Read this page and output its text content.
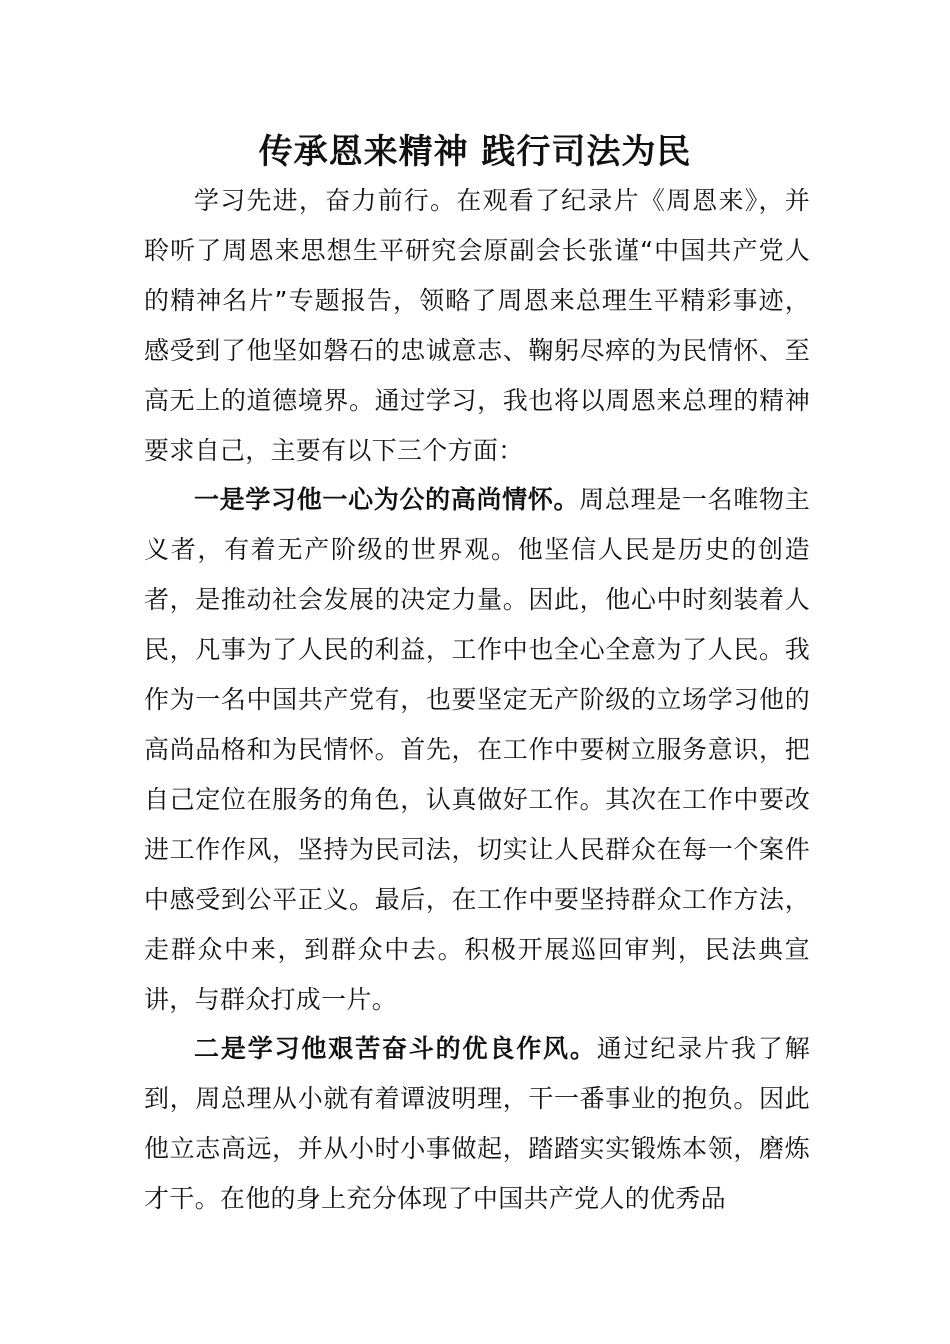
传承恩来精神 践行司法为民

学习先进，奋力前行。在观看了纪录片《周恩来》，并聆听了周恩来思想生平研究会原副会长张谨“中国共产党人的精神名片”专题报告，领略了周恩来总理生平精彩事迹，感受到了他坚如磐石的忠诚意志、鞠躬尽瘁的为民情怀、至高无上的道德境界。通过学习，我也将以周恩来总理的精神要求自己，主要有以下三个方面：

一是学习他一心为公的高尚情怀。周总理是一名唯物主义者，有着无产阶级的世界观。他坚信人民是历史的创造者，是推动社会发展的决定力量。因此，他心中时刻装着人民，凡事为了人民的利益，工作中也全心全意为了人民。我作为一名中国共产党有，也要坚定无产阶级的立场学习他的高尚品格和为民情怀。首先，在工作中要树立服务意识，把自己定位在服务的角色，认真做好工作。其次在工作中要改进工作作风，坚持为民司法，切实让人民群众在每一个案件中感受到公平正义。最后，在工作中要坚持群众工作方法，走群众中来，到群众中去。积极开展巡回审判，民法典宣讲，与群众打成一片。

二是学习他艰苦奋斗的优良作风。通过纪录片我了解到，周总理从小就有着谭波明理，干一番事业的抱负。因此他立志高远，并从小时小事做起，踏踏实实锻炼本领，磨炼才干。在他的身上充分体现了中国共产党人的优秀品
